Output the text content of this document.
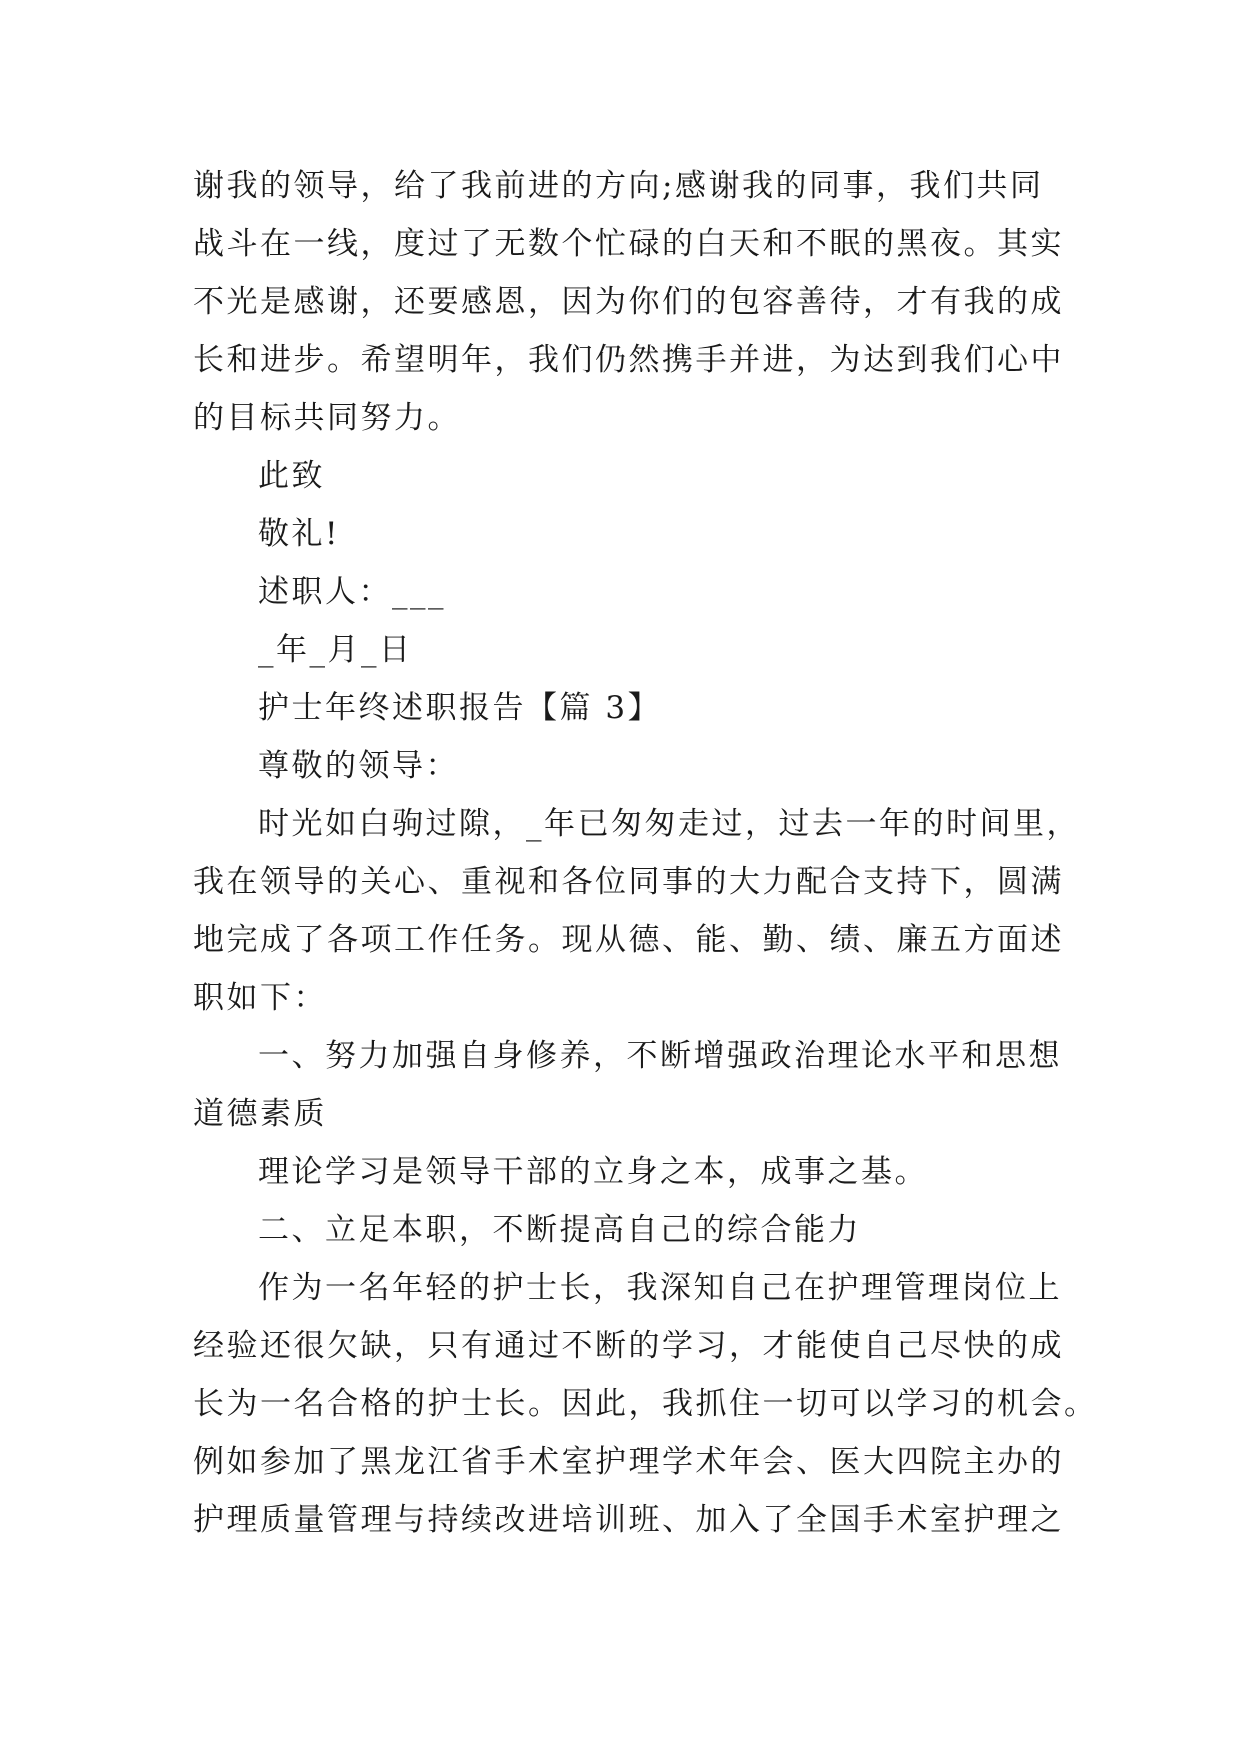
谢我的领导，给了我前进的方向;感谢我的同事，我们共同
战斗在一线，度过了无数个忙碌的白天和不眠的黑夜。其实
不光是感谢，还要感恩，因为你们的包容善待，才有我的成
长和进步。希望明年，我们仍然携手并进，为达到我们心中
的目标共同努力。
此致
敬礼!
述职人：___
_年_月_日
护士年终述职报告【篇 3】
尊敬的领导：
时光如白驹过隙，_年已匆匆走过，过去一年的时间里，
我在领导的关心、重视和各位同事的大力配合支持下，圆满
地完成了各项工作任务。现从德、能、勤、绩、廉五方面述
职如下：
一、努力加强自身修养，不断增强政治理论水平和思想
道德素质
理论学习是领导干部的立身之本，成事之基。
二、立足本职，不断提高自己的综合能力
作为一名年轻的护士长，我深知自己在护理管理岗位上
经验还很欠缺，只有通过不断的学习，才能使自己尽快的成
长为一名合格的护士长。因此，我抓住一切可以学习的机会。
例如参加了黑龙江省手术室护理学术年会、医大四院主办的
护理质量管理与持续改进培训班、加入了全国手术室护理之
